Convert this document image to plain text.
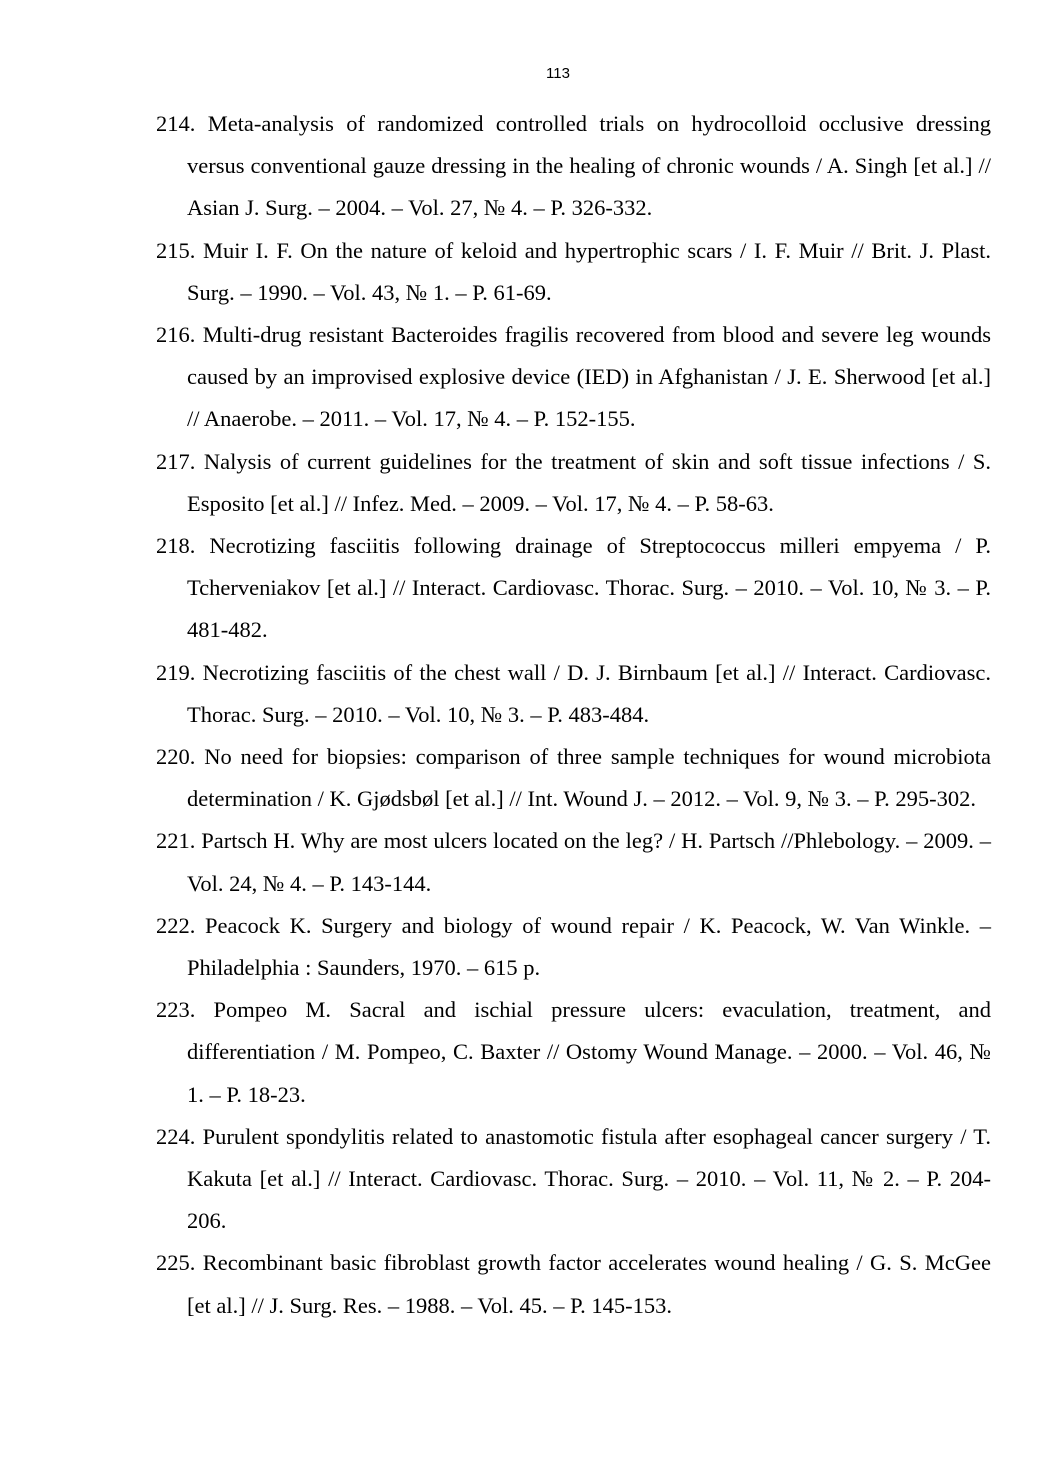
113
214. Meta-analysis of randomized controlled trials on hydrocolloid occlusive dressing versus conventional gauze dressing in the healing of chronic wounds / A. Singh [et al.] // Asian J. Surg. – 2004. – Vol. 27, № 4. – P. 326-332.
215. Muir I. F. On the nature of keloid and hypertrophic scars / I. F. Muir // Brit. J. Plast. Surg. – 1990. – Vol. 43, № 1. – P. 61-69.
216. Multi-drug resistant Bacteroides fragilis recovered from blood and severe leg wounds caused by an improvised explosive device (IED) in Afghanistan / J. E. Sherwood [et al.] // Anaerobe. – 2011. – Vol. 17, № 4. – P. 152-155.
217. Nalysis of current guidelines for the treatment of skin and soft tissue infections / S. Esposito [et al.] // Infez. Med. – 2009. – Vol. 17, № 4. – P. 58-63.
218. Necrotizing fasciitis following drainage of Streptococcus milleri empyema / P. Tcherveniakov [et al.] // Interact. Cardiovasc. Thorac. Surg. – 2010. – Vol. 10, № 3. – P. 481-482.
219. Necrotizing fasciitis of the chest wall / D. J. Birnbaum [et al.] // Interact. Cardiovasc. Thorac. Surg. – 2010. – Vol. 10, № 3. – P. 483-484.
220. No need for biopsies: comparison of three sample techniques for wound microbiota determination / K. Gjødsbøl [et al.] // Int. Wound J. – 2012. – Vol. 9, № 3. – P. 295-302.
221. Partsch H. Why are most ulcers located on the leg? / H. Partsch //Phlebology. – 2009. – Vol. 24, № 4. – P. 143-144.
222. Peacock K. Surgery and biology of wound repair / K. Peacock, W. Van Winkle. – Philadelphia : Saunders, 1970. – 615 p.
223. Pompeo M. Sacral and ischial pressure ulcers: evaculation, treatment, and differentiation / M. Pompeo, C. Baxter // Ostomy Wound Manage. – 2000. – Vol. 46, № 1. – P. 18-23.
224. Purulent spondylitis related to anastomotic fistula after esophageal cancer surgery / T. Kakuta [et al.] // Interact. Cardiovasc. Thorac. Surg. – 2010. – Vol. 11, № 2. – P. 204-206.
225. Recombinant basic fibroblast growth factor accelerates wound healing / G. S. McGee [et al.] // J. Surg. Res. – 1988. – Vol. 45. – P. 145-153.
